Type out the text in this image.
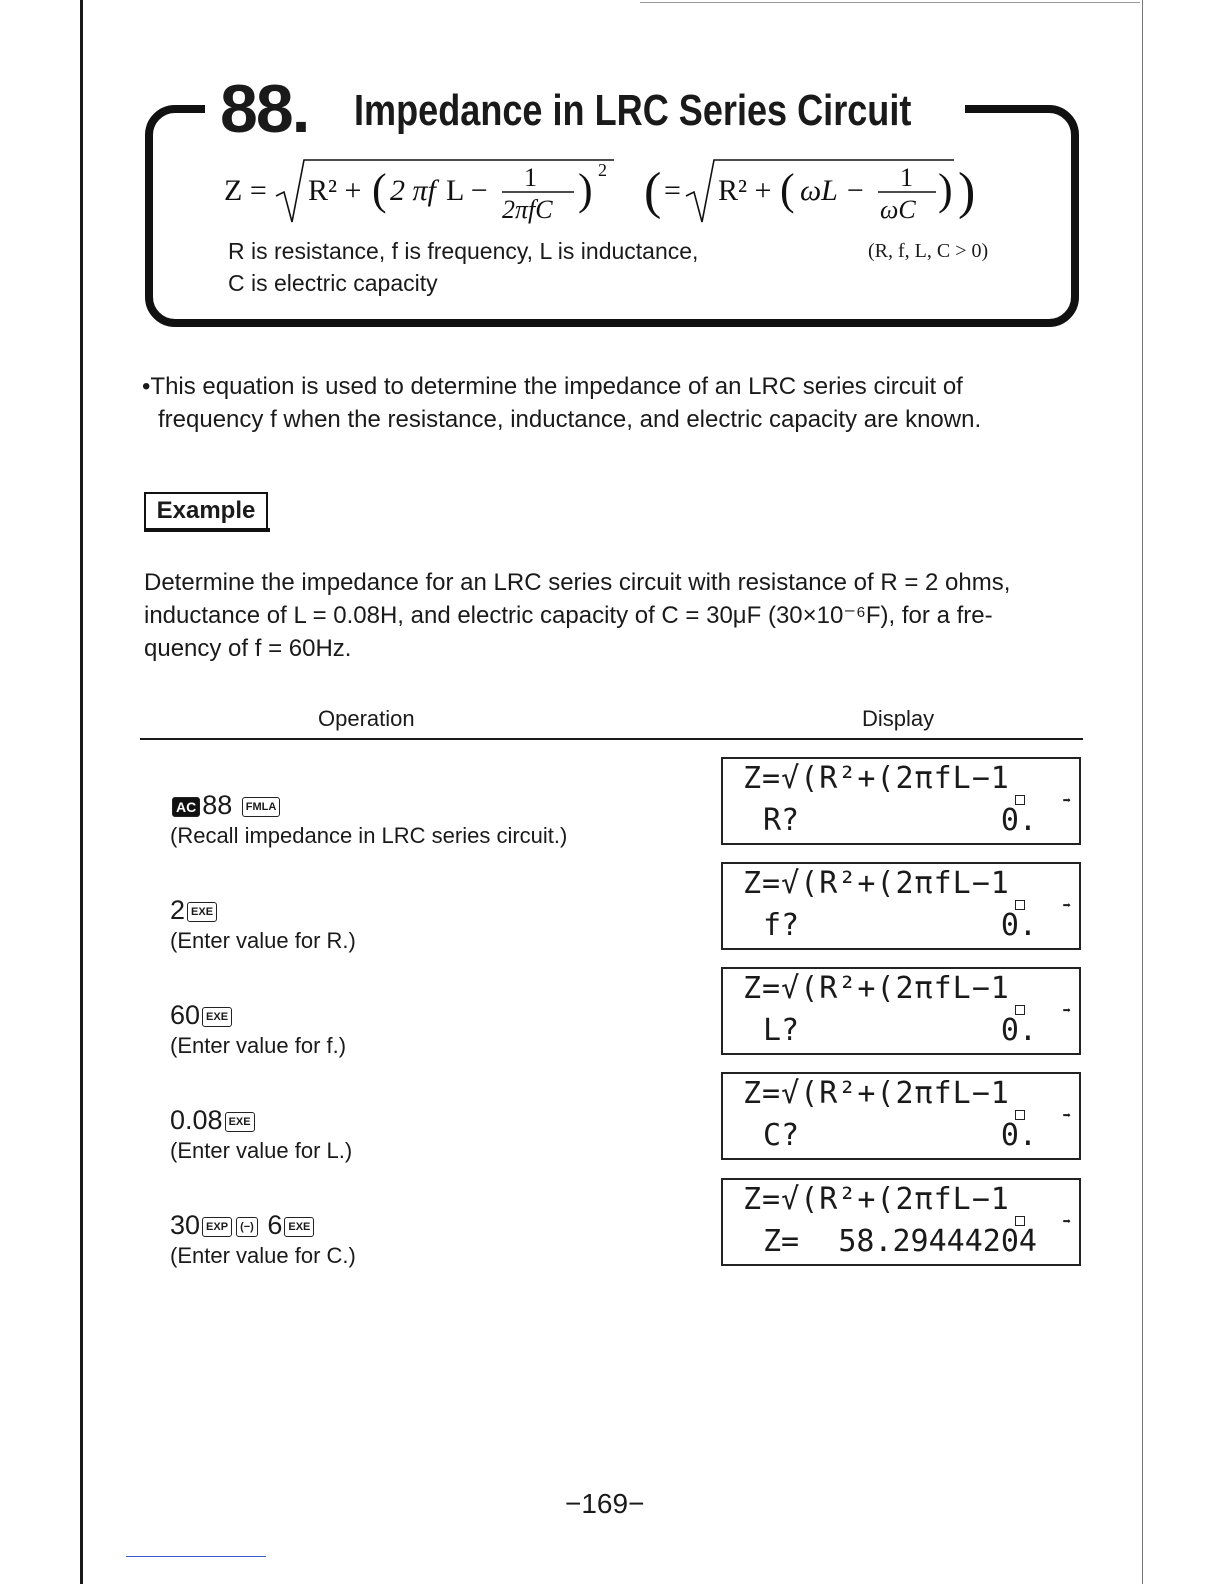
88. Impedance in LRC Series Circuit
Z = R² + ( 2 πf L − 1
2πfC ) 2 ( = R² + ( ωL − 1
ωC ) )
R is resistance, f is frequency, L is inductance,
C is electric capacity
(R, f, L, C > 0)
•This equation is used to determine the impedance of an LRC series circuit of
frequency f when the resistance, inductance, and electric capacity are known.
Example
Determine the impedance for an LRC series circuit with resistance of R = 2 ohms,
inductance of L = 0.08H, and electric capacity of C = 30μF (30×10⁻⁶F), for a fre-
quency of f = 60Hz.
Operation	Display
AC 88 FMLA
(Recall impedance in LRC series circuit.)
Z=√(R²+(2πfL−1
➡
R?	0.
2 EXE
(Enter value for R.)
Z=√(R²+(2πfL−1
➡
f?	0.
60 EXE
(Enter value for f.)
Z=√(R²+(2πfL−1
➡
L?	0.
0.08 EXE
(Enter value for L.)
Z=√(R²+(2πfL−1
➡
C?	0.
30 EXP (−) 6 EXE
(Enter value for C.)
Z=√(R²+(2πfL−1
➡
Z= 58.29444204
−169−
